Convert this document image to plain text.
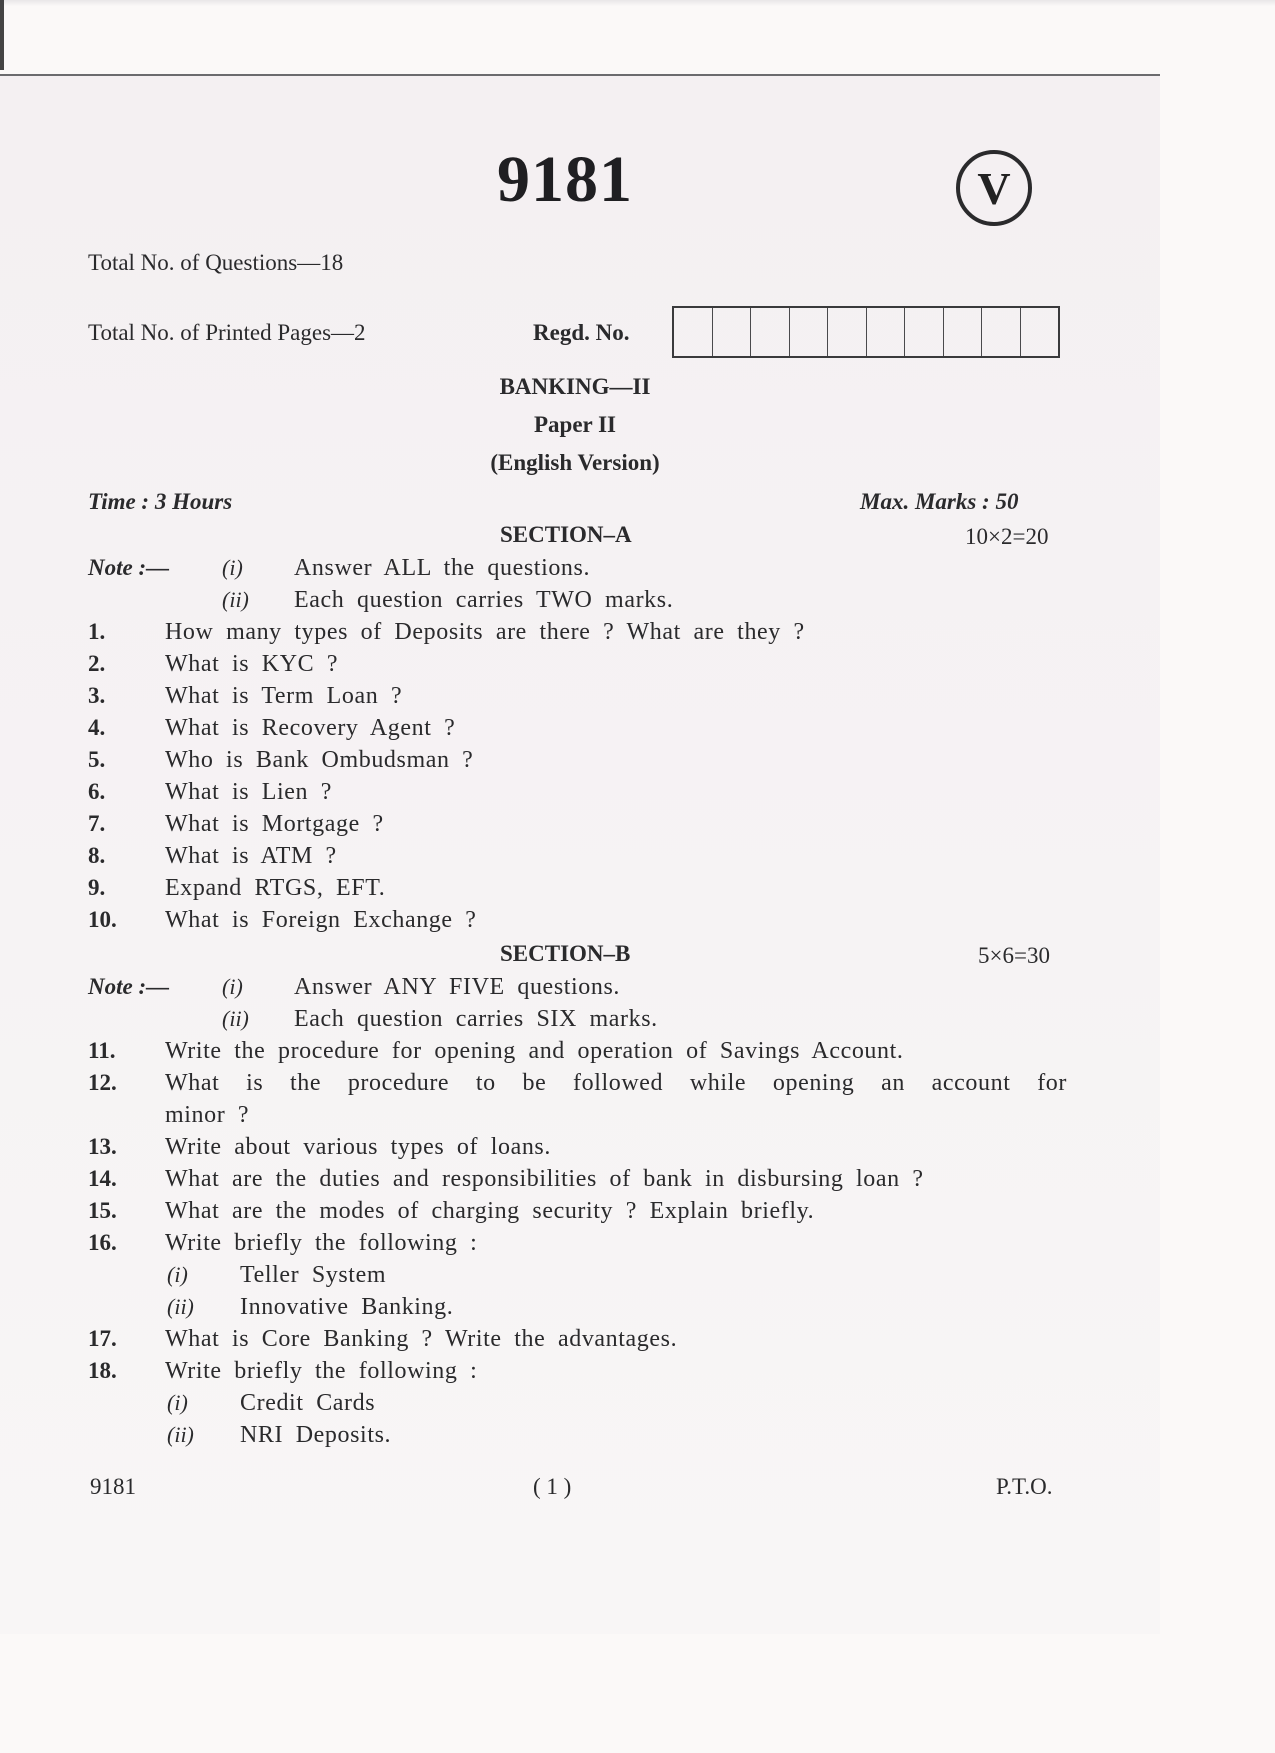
9181	V
Total No. of Questions—18
Total No. of Printed Pages—2	Regd. No.
BANKING—II
Paper II
(English Version)
Time : 3 Hours	Max. Marks : 50
SECTION–A	10×2=20
Note :— (i) Answer ALL the questions.
(ii) Each question carries TWO marks.
1. How many types of Deposits are there ? What are they ?
2. What is KYC ?
3. What is Term Loan ?
4. What is Recovery Agent ?
5. Who is Bank Ombudsman ?
6. What is Lien ?
7. What is Mortgage ?
8. What is ATM ?
9. Expand RTGS, EFT.
10. What is Foreign Exchange ?
SECTION–B	5×6=30
Note :— (i) Answer ANY FIVE questions.
(ii) Each question carries SIX marks.
11. Write the procedure for opening and operation of Savings Account.
12. What is the procedure to be followed while opening an account for
minor ?
13. Write about various types of loans.
14. What are the duties and responsibilities of bank in disbursing loan ?
15. What are the modes of charging security ? Explain briefly.
16. Write briefly the following :
(i) Teller System
(ii) Innovative Banking.
17. What is Core Banking ? Write the advantages.
18. Write briefly the following :
(i) Credit Cards
(ii) NRI Deposits.
9181	( 1 )	P.T.O.
